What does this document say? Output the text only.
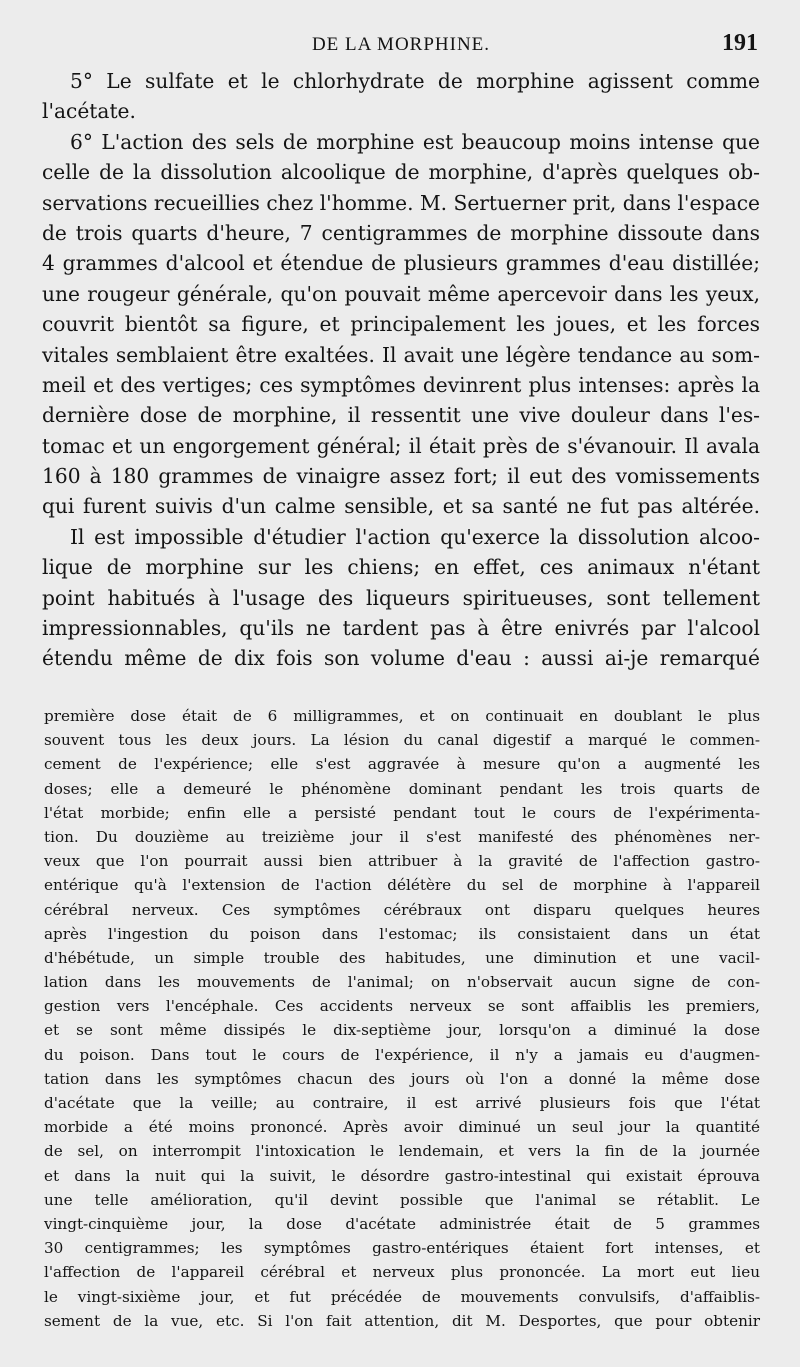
DE LA MORPHINE.	191
5° Le sulfate et le chlorhydrate de morphine agissent comme
l'acétate.
6° L'action des sels de morphine est beaucoup moins intense que
celle de la dissolution alcoolique de morphine, d'après quelques ob-
servations recueillies chez l'homme. M. Sertuerner prit, dans l'espace
de trois quarts d'heure, 7 centigrammes de morphine dissoute dans
4 grammes d'alcool et étendue de plusieurs grammes d'eau distillée;
une rougeur générale, qu'on pouvait même apercevoir dans les yeux,
couvrit bientôt sa figure, et principalement les joues, et les forces
vitales semblaient être exaltées. Il avait une légère tendance au som-
meil et des vertiges; ces symptômes devinrent plus intenses: après la
dernière dose de morphine, il ressentit une vive douleur dans l'es-
tomac et un engorgement général; il était près de s'évanouir. Il avala
160 à 180 grammes de vinaigre assez fort; il eut des vomissements
qui furent suivis d'un calme sensible, et sa santé ne fut pas altérée.
Il est impossible d'étudier l'action qu'exerce la dissolution alcoo-
lique de morphine sur les chiens; en effet, ces animaux n'étant
point habitués à l'usage des liqueurs spiritueuses, sont tellement
impressionnables, qu'ils ne tardent pas à être enivrés par l'alcool
étendu même de dix fois son volume d'eau : aussi ai-je remarqué
première dose était de 6 milligrammes, et on continuait en doublant le plus
souvent tous les deux jours. La lésion du canal digestif a marqué le commen-
cement de l'expérience; elle s'est aggravée à mesure qu'on a augmenté les
doses; elle a demeuré le phénomène dominant pendant les trois quarts de
l'état morbide; enfin elle a persisté pendant tout le cours de l'expérimenta-
tion. Du douzième au treizième jour il s'est manifesté des phénomènes ner-
veux que l'on pourrait aussi bien attribuer à la gravité de l'affection gastro-
entérique qu'à l'extension de l'action délétère du sel de morphine à l'appareil
cérébral nerveux. Ces symptômes cérébraux ont disparu quelques heures
après l'ingestion du poison dans l'estomac; ils consistaient dans un état
d'hébétude, un simple trouble des habitudes, une diminution et une vacil-
lation dans les mouvements de l'animal; on n'observait aucun signe de con-
gestion vers l'encéphale. Ces accidents nerveux se sont affaiblis les premiers,
et se sont même dissipés le dix-septième jour, lorsqu'on a diminué la dose
du poison. Dans tout le cours de l'expérience, il n'y a jamais eu d'augmen-
tation dans les symptômes chacun des jours où l'on a donné la même dose
d'acétate que la veille; au contraire, il est arrivé plusieurs fois que l'état
morbide a été moins prononcé. Après avoir diminué un seul jour la quantité
de sel, on interrompit l'intoxication le lendemain, et vers la fin de la journée
et dans la nuit qui la suivit, le désordre gastro-intestinal qui existait éprouva
une telle amélioration, qu'il devint possible que l'animal se rétablit. Le
vingt-cinquième jour, la dose d'acétate administrée était de 5 grammes
30 centigrammes; les symptômes gastro-entériques étaient fort intenses, et
l'affection de l'appareil cérébral et nerveux plus prononcée. La mort eut lieu
le vingt-sixième jour, et fut précédée de mouvements convulsifs, d'affaiblis-
sement de la vue, etc. Si l'on fait attention, dit M. Desportes, que pour obtenir
